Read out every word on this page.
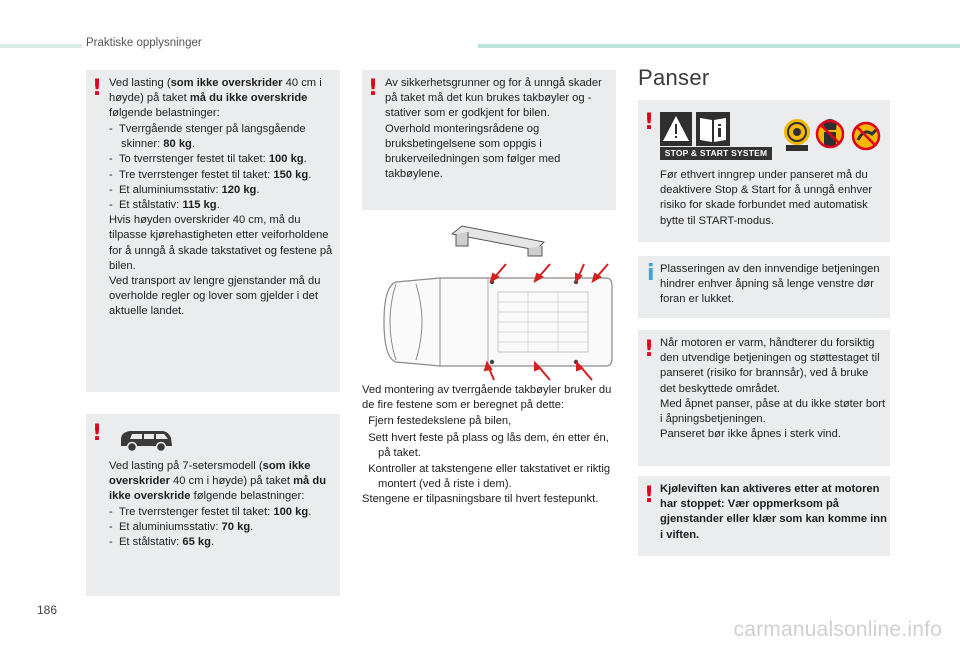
Praktiske opplysninger
! Ved lasting (som ikke overskrider 40 cm i høyde) på taket må du ikke overskride følgende belastninger:
- Tverrgående stenger på langsgående skinner: 80 kg.
- To tverrstenger festet til taket: 100 kg.
- Tre tverrstenger festet til taket: 150 kg.
- Et aluminiumsstativ: 120 kg.
- Et stålstativ: 115 kg.
Hvis høyden overskrider 40 cm, må du tilpasse kjørehastigheten etter veiforholdene for å unngå å skade takstativet og festene på bilen.
Ved transport av lengre gjenstander må du overholde regler og lover som gjelder i det aktuelle landet.
!
Ved lasting på 7-setersmodell (som ikke overskrider 40 cm i høyde) på taket må du ikke overskride følgende belastninger:
- Tre tverrstenger festet til taket: 100 kg.
- Et aluminiumsstativ: 70 kg.
- Et stålstativ: 65 kg.
! Av sikkerhetsgrunner og for å unngå skader på taket må det kun brukes takbøyler og -stativer som er godkjent for bilen.
Overhold monteringsrådene og bruksbetingelsene som oppgis i brukerveiledningen som følger med takbøylene.
Ved montering av tverrgående takbøyler bruker du de fire festene som er beregnet på dette:
Fjern festedekslene på bilen,
Sett hvert feste på plass og lås dem, én etter én, på taket.
Kontroller at takstengene eller takstativet er riktig montert (ved å riste i dem).
Stengene er tilpasningsbare til hvert festepunkt.
Panser
!
STOP & START SYSTEM
Før ethvert inngrep under panseret må du deaktivere Stop & Start for å unngå enhver risiko for skade forbundet med automatisk bytte til START-modus.
i Plasseringen av den innvendige betjeningen hindrer enhver åpning så lenge venstre dør foran er lukket.
! Når motoren er varm, håndterer du forsiktig den utvendige betjeningen og støttestaget til panseret (risiko for brannsår), ved å bruke det beskyttede området.
Med åpnet panser, påse at du ikke støter bort i åpningsbetjeningen.
Panseret bør ikke åpnes i sterk vind.
! Kjøleviften kan aktiveres etter at motoren har stoppet: Vær oppmerksom på gjenstander eller klær som kan komme inn i viften.
186
carmanualsonline.info
